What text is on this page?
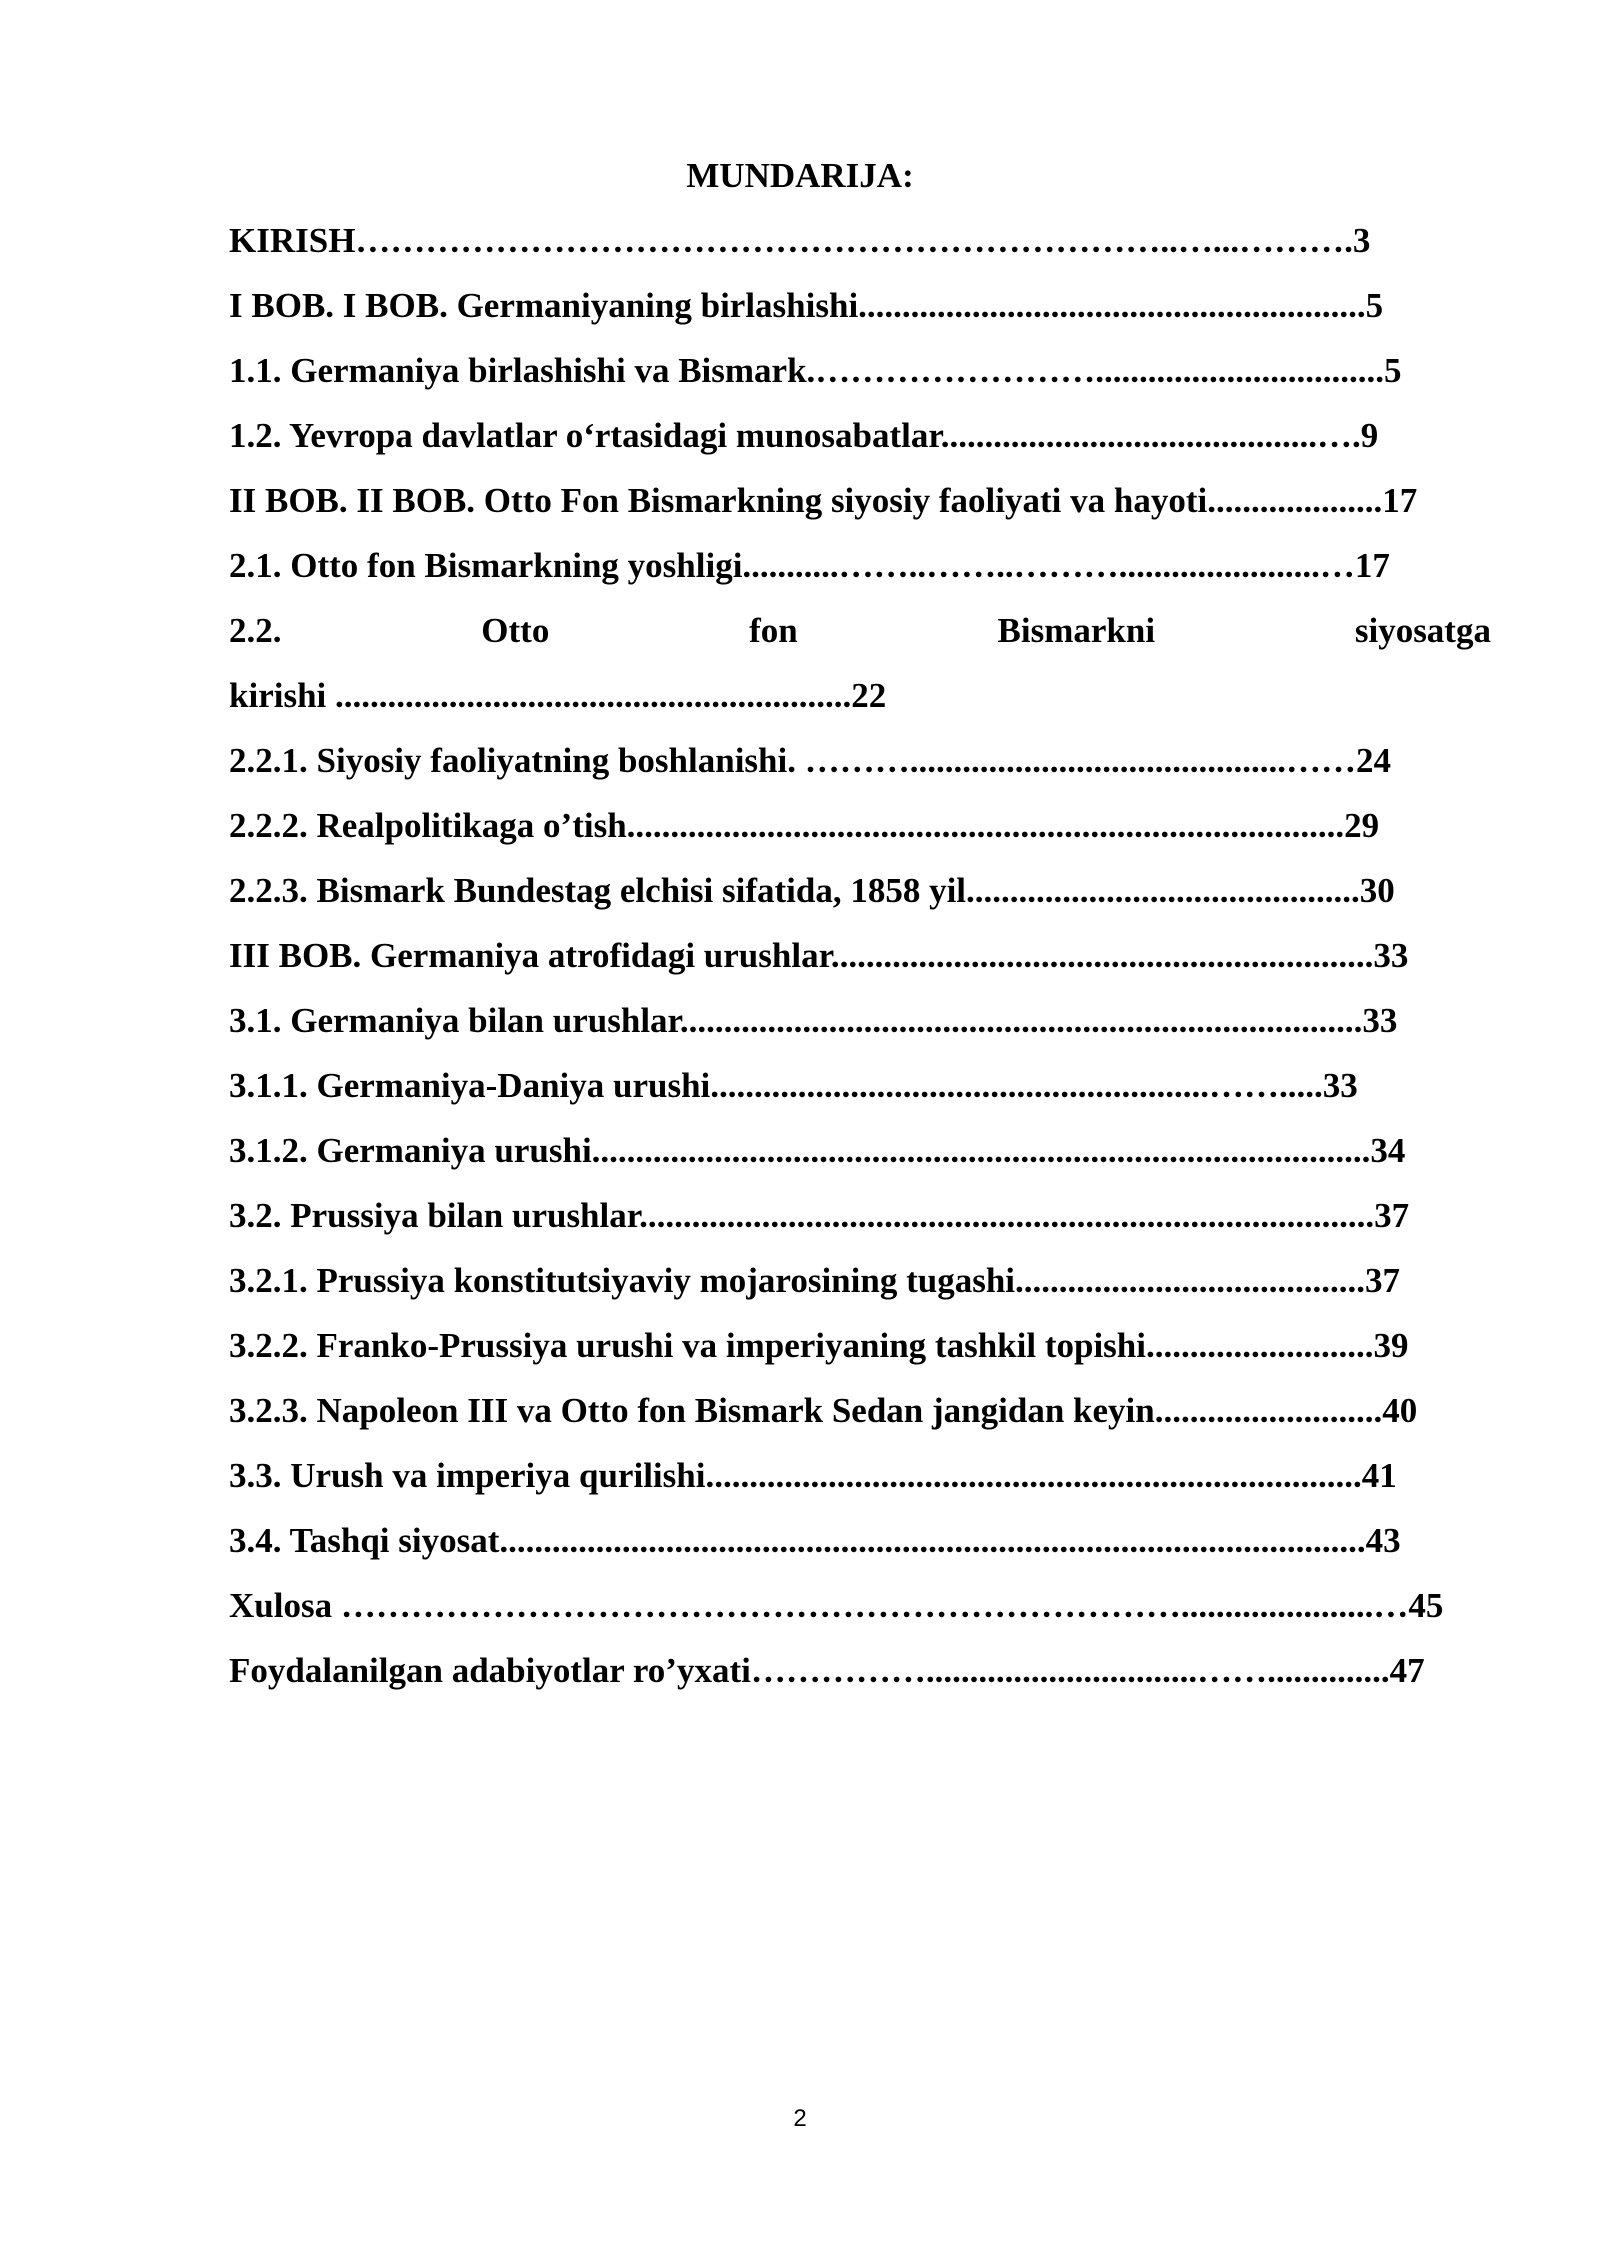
MUNDARIJA:
KIRISH……………………………………………………………..…...……….3
I BOB. I BOB. Germaniyaning birlashishi..........................................................5
1.1. Germaniya birlashishi va Bismark.…………………….................................5
1.2. Yevropa davlatlar o‘rtasidagi munosabatlar...........................................….9
II BOB. II BOB. Otto Fon Bismarkning siyosiy faoliyati va hayoti....................17
2.1. Otto fon Bismarkning yoshligi...........……..……..……….......................…17
2.2.	Otto	fon	Bismarkni	siyosatga
kirishi ...........................................................22
2.2.1. Siyosiy faoliyatning boshlanishi. ………...........................................……24
2.2.2. Realpolitikaga o’tish..................................................................................29
2.2.3. Bismark Bundestag elchisi sifatida, 1858 yil.............................................30
III BOB. Germaniya atrofidagi urushlar..............................................................33
3.1. Germaniya bilan urushlar..............................................................................33
3.1.1. Germaniya-Daniya urushi.........................................................…….....33
3.1.2. Germaniya urushi.........................................................................................34
3.2. Prussiya bilan urushlar....................................................................................37
3.2.1. Prussiya konstitutsiyaviy mojarosining tugashi........................................37
3.2.2. Franko-Prussiya urushi va imperiyaning tashkil topishi..........................39
3.2.3. Napoleon III va Otto fon Bismark Sedan jangidan keyin..........................40
3.3. Urush va imperiya qurilishi...........................................................................41
3.4. Tashqi siyosat...................................................................................................43
Xulosa ………………………………………………………………......................…45
Foydalanilgan adabiyotlar ro’yxati……………...............................……..............47
2
